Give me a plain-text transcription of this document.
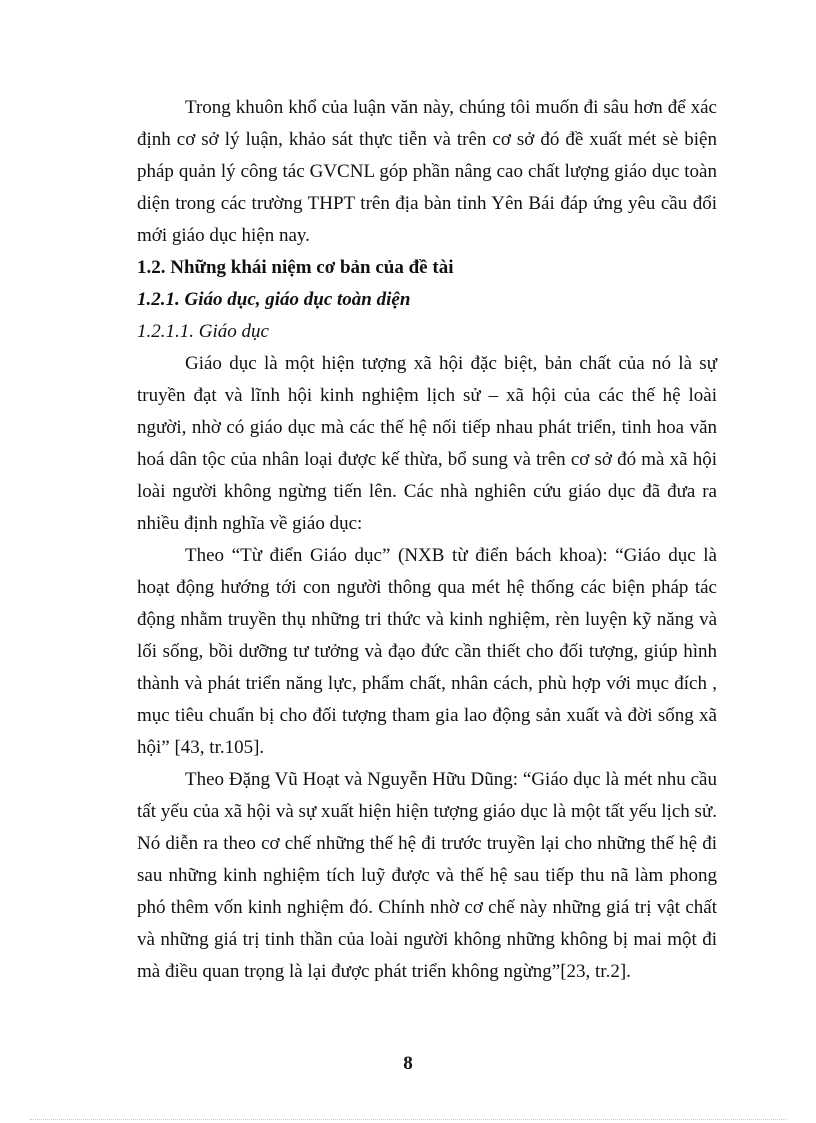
Trong khuôn khổ của luận văn này, chúng tôi muốn đi sâu hơn để xác định cơ sở lý luận, khảo sát thực tiễn và trên cơ sở đó đề xuất mét sè biện pháp quản lý công tác GVCNL góp phần nâng cao chất lượng giáo dục toàn diện trong các trường THPT trên địa bàn tỉnh Yên Bái đáp ứng yêu cầu đổi mới giáo dục hiện nay.

1.2. Những khái niệm cơ bản của đề tài

1.2.1. Giáo dục, giáo dục toàn diện

1.2.1.1. Giáo dục

Giáo dục là một hiện tượng xã hội đặc biệt, bản chất của nó là sự truyền đạt và lĩnh hội kinh nghiệm lịch sử – xã hội của các thế hệ loài người, nhờ có giáo dục mà các thế hệ nối tiếp nhau phát triển, tinh hoa văn hoá dân tộc của nhân loại được kế thừa, bổ sung và trên cơ sở đó mà xã hội loài người không ngừng tiến lên. Các nhà nghiên cứu giáo dục đã đưa ra nhiều định nghĩa về giáo dục:

Theo “Từ điển Giáo dục” (NXB từ điển bách khoa): “Giáo dục là hoạt động hướng tới con người thông qua mét hệ thống các biện pháp tác động nhằm truyền thụ những tri thức và kinh nghiệm, rèn luyện kỹ năng và lối sống, bồi dưỡng tư tưởng và đạo đức cần thiết cho đối tượng, giúp hình thành và phát triển năng lực, phẩm chất, nhân cách, phù hợp với mục đích , mục tiêu chuẩn bị cho đối tượng tham gia lao động sản xuất và đời sống xã hội” [43, tr.105].

Theo Đặng Vũ Hoạt và Nguyễn Hữu Dũng: “Giáo dục là mét nhu cầu tất yếu của xã hội và sự xuất hiện hiện tượng giáo dục là một tất yếu lịch sử. Nó diễn ra theo cơ chế những thế hệ đi trước truyền lại cho những thế hệ đi sau những kinh nghiệm tích luỹ được và thế hệ sau tiếp thu nã làm phong phó thêm vốn kinh nghiệm đó. Chính nhờ cơ chế này những giá trị vật chất và những giá trị tinh thần của loài người không những không bị mai một đi mà điều quan trọng là lại được phát triển không ngừng”[23, tr.2].

8
